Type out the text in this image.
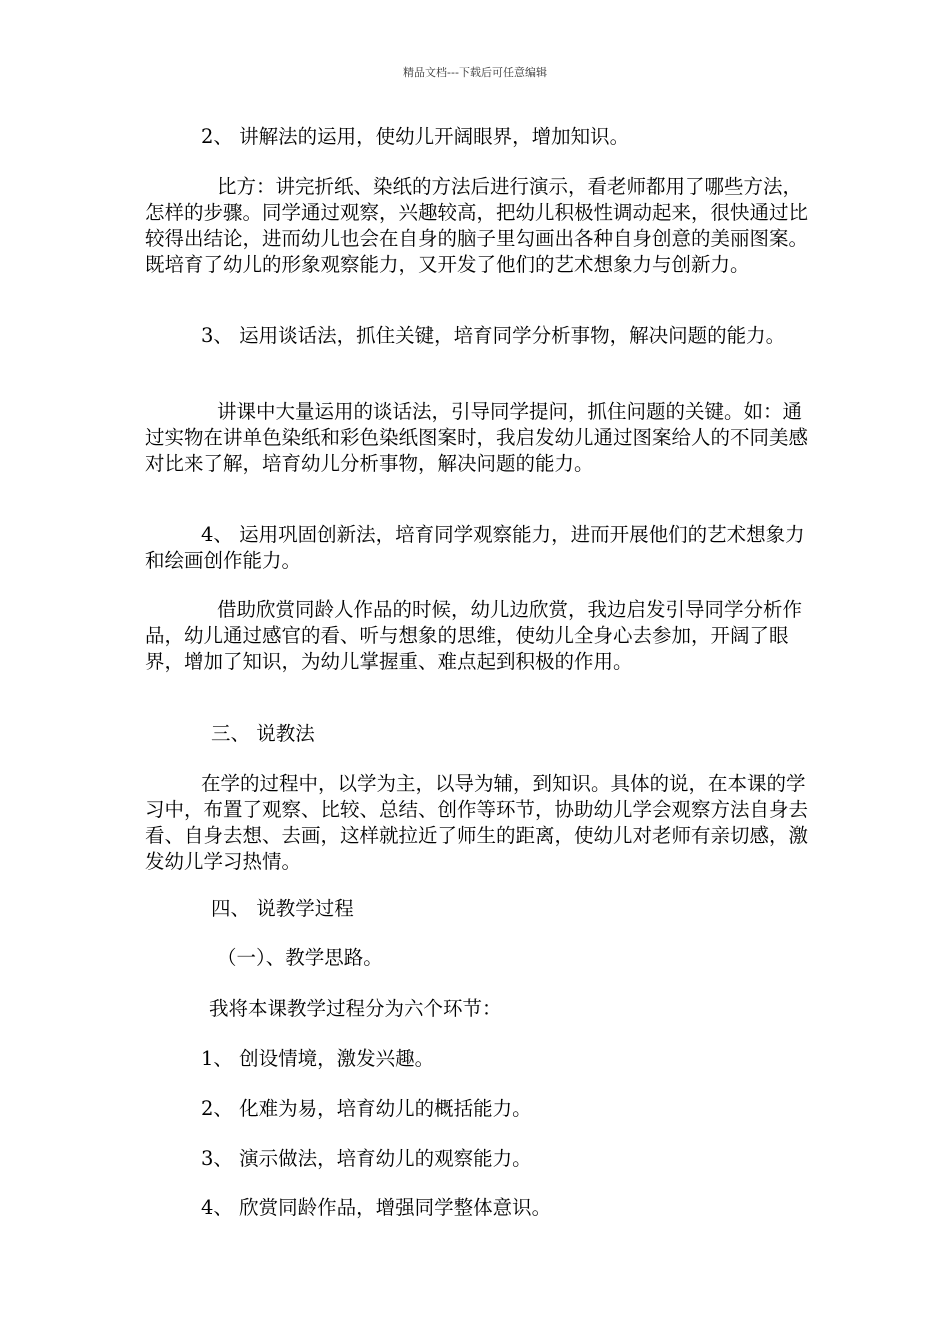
精品文档---下载后可任意编辑

2、 讲解法的运用，使幼儿开阔眼界，增加知识。

比方：讲完折纸、染纸的方法后进行演示，看老师都用了哪些方法，怎样的步骤。同学通过观察，兴趣较高，把幼儿积极性调动起来，很快通过比较得出结论，进而幼儿也会在自身的脑子里勾画出各种自身创意的美丽图案。既培育了幼儿的形象观察能力，又开发了他们的艺术想象力与创新力。

3、 运用谈话法，抓住关键，培育同学分析事物，解决问题的能力。

讲课中大量运用的谈话法，引导同学提问，抓住问题的关键。如：通过实物在讲单色染纸和彩色染纸图案时，我启发幼儿通过图案给人的不同美感对比来了解，培育幼儿分析事物，解决问题的能力。

4、 运用巩固创新法，培育同学观察能力，进而开展他们的艺术想象力和绘画创作能力。

借助欣赏同龄人作品的时候，幼儿边欣赏，我边启发引导同学分析作品，幼儿通过感官的看、听与想象的思维，使幼儿全身心去参加，开阔了眼界，增加了知识，为幼儿掌握重、难点起到积极的作用。

三、 说教法

在学的过程中，以学为主，以导为辅，到知识。具体的说，在本课的学习中，布置了观察、比较、总结、创作等环节，协助幼儿学会观察方法自身去看、自身去想、去画，这样就拉近了师生的距离，使幼儿对老师有亲切感，激发幼儿学习热情。

四、 说教学过程

（一）、教学思路。

我将本课教学过程分为六个环节：

1、 创设情境，激发兴趣。

2、 化难为易，培育幼儿的概括能力。

3、 演示做法，培育幼儿的观察能力。

4、 欣赏同龄作品，增强同学整体意识。
